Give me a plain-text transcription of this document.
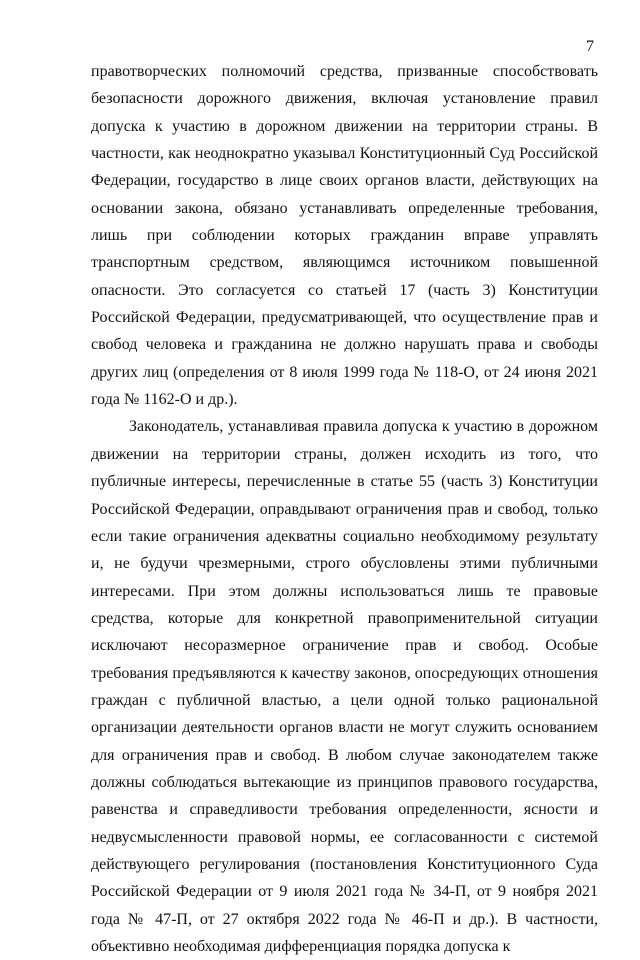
7

правотворческих полномочий средства, призванные способствовать безопасности дорожного движения, включая установление правил допуска к участию в дорожном движении на территории страны. В частности, как неоднократно указывал Конституционный Суд Российской Федерации, государство в лице своих органов власти, действующих на основании закона, обязано устанавливать определенные требования, лишь при соблюдении которых гражданин вправе управлять транспортным средством, являющимся источником повышенной опасности. Это согласуется со статьей 17 (часть 3) Конституции Российской Федерации, предусматривающей, что осуществление прав и свобод человека и гражданина не должно нарушать права и свободы других лиц (определения от 8 июля 1999 года № 118-О, от 24 июня 2021 года № 1162-О и др.).

Законодатель, устанавливая правила допуска к участию в дорожном движении на территории страны, должен исходить из того, что публичные интересы, перечисленные в статье 55 (часть 3) Конституции Российской Федерации, оправдывают ограничения прав и свобод, только если такие ограничения адекватны социально необходимому результату и, не будучи чрезмерными, строго обусловлены этими публичными интересами. При этом должны использоваться лишь те правовые средства, которые для конкретной правоприменительной ситуации исключают несоразмерное ограничение прав и свобод. Особые требования предъявляются к качеству законов, опосредующих отношения граждан с публичной властью, а цели одной только рациональной организации деятельности органов власти не могут служить основанием для ограничения прав и свобод. В любом случае законодателем также должны соблюдаться вытекающие из принципов правового государства, равенства и справедливости требования определенности, ясности и недвусмысленности правовой нормы, ее согласованности с системой действующего регулирования (постановления Конституционного Суда Российской Федерации от 9 июля 2021 года № 34-П, от 9 ноября 2021 года № 47-П, от 27 октября 2022 года № 46-П и др.). В частности, объективно необходимая дифференциация порядка допуска к
